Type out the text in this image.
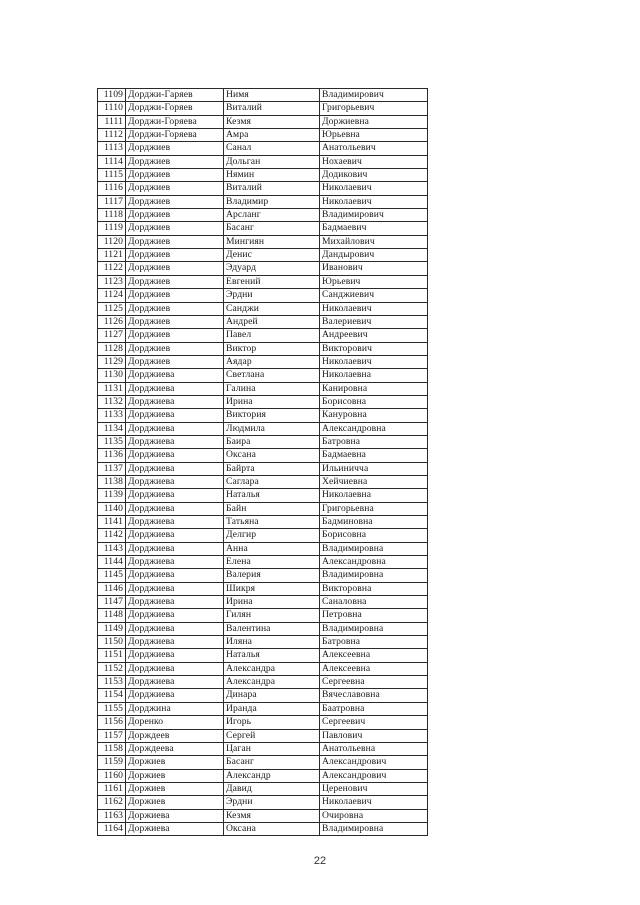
1109	Дорджи-Гаряев	Нимя	Владимирович
1110	Дорджи-Горяев	Виталий	Григорьевич
1111	Дорджи-Горяева	Кезмя	Доржиевна
1112	Дорджи-Горяева	Амра	Юрьевна
1113	Дорджиев	Санал	Анатольевич
1114	Дорджиев	Дольган	Нохаевич
1115	Дорджиев	Нямин	Додикович
1116	Дорджиев	Виталий	Николаевич
1117	Дорджиев	Владимир	Николаевич
1118	Дорджиев	Арсланг	Владимирович
1119	Дорджиев	Басанг	Бадмаевич
1120	Дорджиев	Мингиян	Михайлович
1121	Дорджиев	Денис	Дандырович
1122	Дорджиев	Эдуард	Иванович
1123	Дорджиев	Евгений	Юрьевич
1124	Дорджиев	Эрдни	Санджиевич
1125	Дорджиев	Санджи	Николаевич
1126	Дорджиев	Андрей	Валериевич
1127	Дорджиев	Павел	Андреевич
1128	Дорджиев	Виктор	Викторович
1129	Дорджиев	Аядар	Николаевич
1130	Дорджиева	Светлана	Николаевна
1131	Дорджиева	Галина	Канировна
1132	Дорджиева	Ирина	Борисовна
1133	Дорджиева	Виктория	Кануровна
1134	Дорджиева	Людмила	Александровна
1135	Дорджиева	Баира	Батровна
1136	Дорджиева	Оксана	Бадмаевна
1137	Дорджиева	Байрта	Ильиничча
1138	Дорджиева	Саглара	Хейчиевна
1139	Дорджиева	Наталья	Николаевна
1140	Дорджиева	Байн	Григорьевна
1141	Дорджиева	Татьяна	Бадминовна
1142	Дорджиева	Делгир	Борисовна
1143	Дорджиева	Анна	Владимировна
1144	Дорджиева	Елена	Александровна
1145	Дорджиева	Валерия	Владимировна
1146	Дорджиева	Шикря	Викторовна
1147	Дорджиева	Ирина	Саналовна
1148	Дорджиева	Гилян	Петровна
1149	Дорджиева	Валентина	Владимировна
1150	Дорджиева	Иляна	Батровна
1151	Дорджиева	Наталья	Алексеевна
1152	Дорджиева	Александра	Алексеевна
1153	Дорджиева	Александра	Сергеевна
1154	Дорджиева	Динара	Вячеславовна
1155	Дорджина	Иранда	Баатровна
1156	Доренко	Игорь	Сергеевич
1157	Дорждеев	Сергей	Павлович
1158	Дорждеева	Цаган	Анатольевна
1159	Доржиев	Басанг	Александрович
1160	Доржиев	Александр	Александрович
1161	Доржиев	Давид	Церенович
1162	Доржиев	Эрдни	Николаевич
1163	Доржиева	Кезмя	Очировна
1164	Доржиева	Оксана	Владимировна
22
